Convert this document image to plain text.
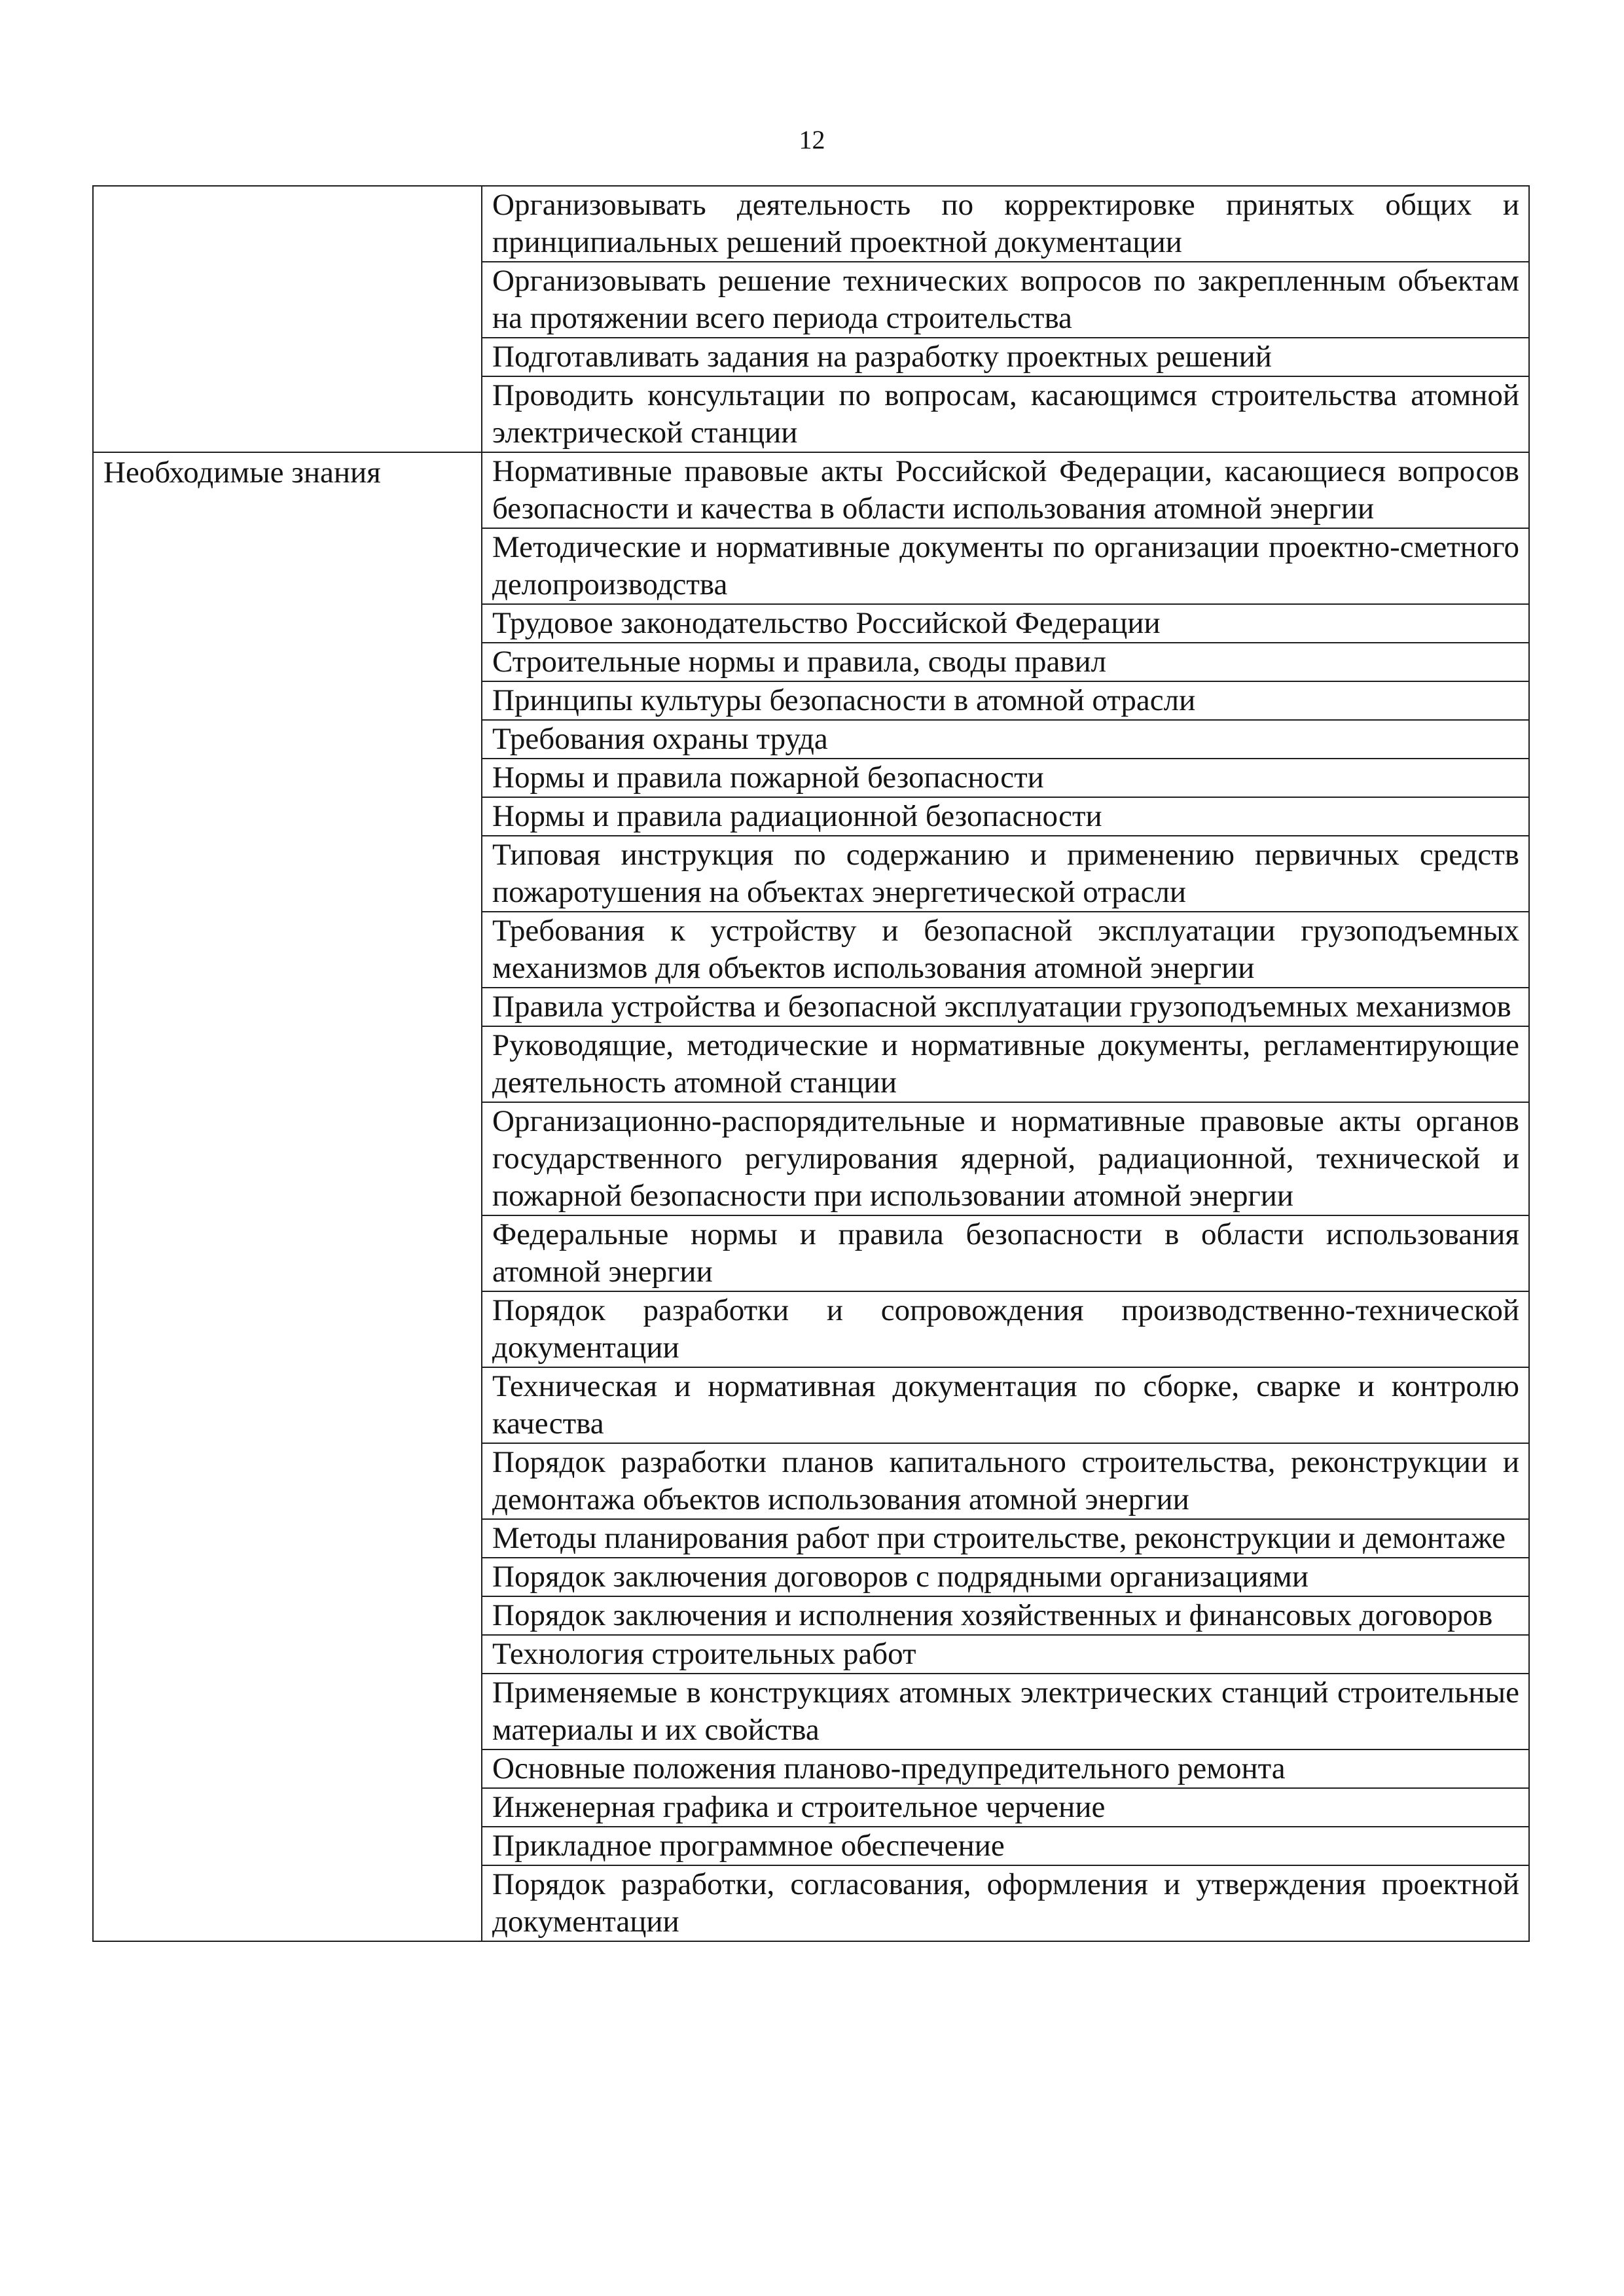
12
	Организовывать деятельность по корректировке принятых общих и принципиальных решений проектной документации
	Организовывать решение технических вопросов по закрепленным объектам на протяжении всего периода строительства
	Подготавливать задания на разработку проектных решений
	Проводить консультации по вопросам, касающимся строительства атомной электрической станции

Необходимые знания	Нормативные правовые акты Российской Федерации, касающиеся вопросов безопасности и качества в области использования атомной энергии
	Методические и нормативные документы по организации проектно-сметного делопроизводства
	Трудовое законодательство Российской Федерации
	Строительные нормы и правила, своды правил
	Принципы культуры безопасности в атомной отрасли
	Требования охраны труда
	Нормы и правила пожарной безопасности
	Нормы и правила радиационной безопасности
	Типовая инструкция по содержанию и применению первичных средств пожаротушения на объектах энергетической отрасли
	Требования к устройству и безопасной эксплуатации грузоподъемных механизмов для объектов использования атомной энергии
	Правила устройства и безопасной эксплуатации грузоподъемных механизмов
	Руководящие, методические и нормативные документы, регламентирующие деятельность атомной станции
	Организационно-распорядительные и нормативные правовые акты органов государственного регулирования ядерной, радиационной, технической и пожарной безопасности при использовании атомной энергии
	Федеральные нормы и правила безопасности в области использования атомной энергии
	Порядок разработки и сопровождения производственно-технической документации
	Техническая и нормативная документация по сборке, сварке и контролю качества
	Порядок разработки планов капитального строительства, реконструкции и демонтажа объектов использования атомной энергии
	Методы планирования работ при строительстве, реконструкции и демонтаже
	Порядок заключения договоров с подрядными организациями
	Порядок заключения и исполнения хозяйственных и финансовых договоров
	Технология строительных работ
	Применяемые в конструкциях атомных электрических станций строительные материалы и их свойства
	Основные положения планово-предупредительного ремонта
	Инженерная графика и строительное черчение
	Прикладное программное обеспечение
	Порядок разработки, согласования, оформления и утверждения проектной документации
